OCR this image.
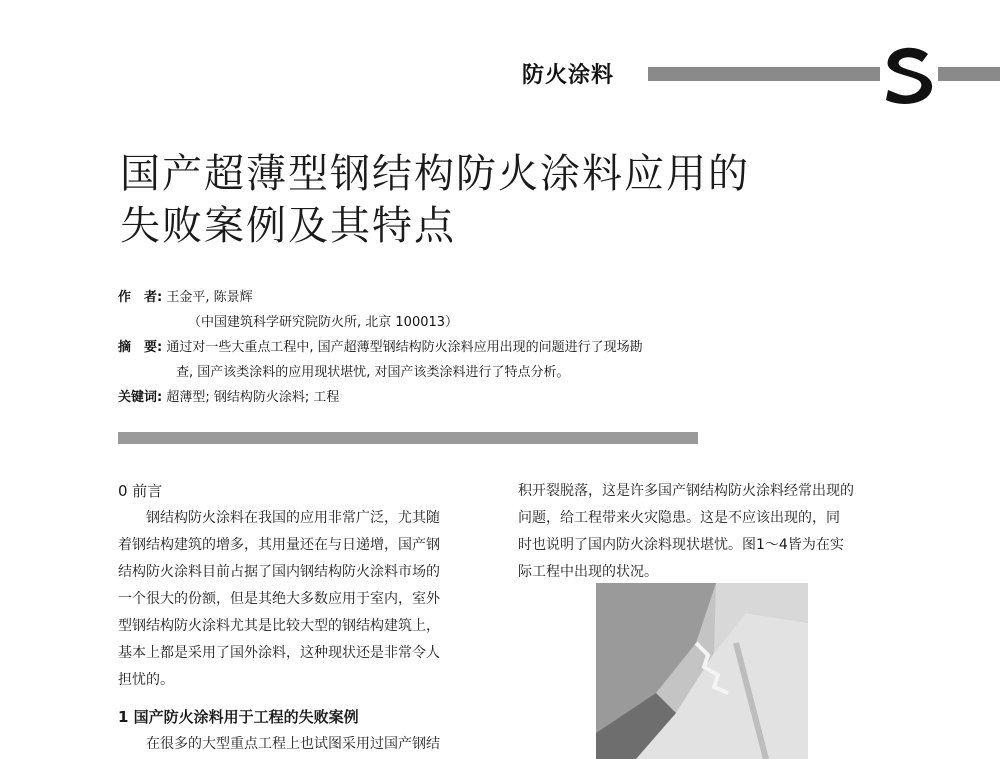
防火涂料
国产超薄型钢结构防火涂料应用的
失败案例及其特点
作　者: 王金平, 陈景辉
（中国建筑科学研究院防火所, 北京 100013）
摘　要: 通过对一些大重点工程中, 国产超薄型钢结构防火涂料应用出现的问题进行了现场勘
查, 国产该类涂料的应用现状堪忧, 对国产该类涂料进行了特点分析。
关键词: 超薄型; 钢结构防火涂料; 工程

0 前言

　　钢结构防火涂料在我国的应用非常广泛，尤其随

着钢结构建筑的增多，其用量还在与日递增，国产钢

结构防火涂料目前占据了国内钢结构防火涂料市场的

一个很大的份额，但是其绝大多数应用于室内，室外

型钢结构防火涂料尤其是比较大型的钢结构建筑上，

基本上都是采用了国外涂料，这种现状还是非常令人

担忧的。

1 国产防火涂料用于工程的失败案例

　　在很多的大型重点工程上也试图采用过国产钢结

积开裂脱落，这是许多国产钢结构防火涂料经常出现的

问题，给工程带来火灾隐患。这是不应该出现的，同

时也说明了国内防火涂料现状堪忧。图1～4皆为在实

际工程中出现的状况。
